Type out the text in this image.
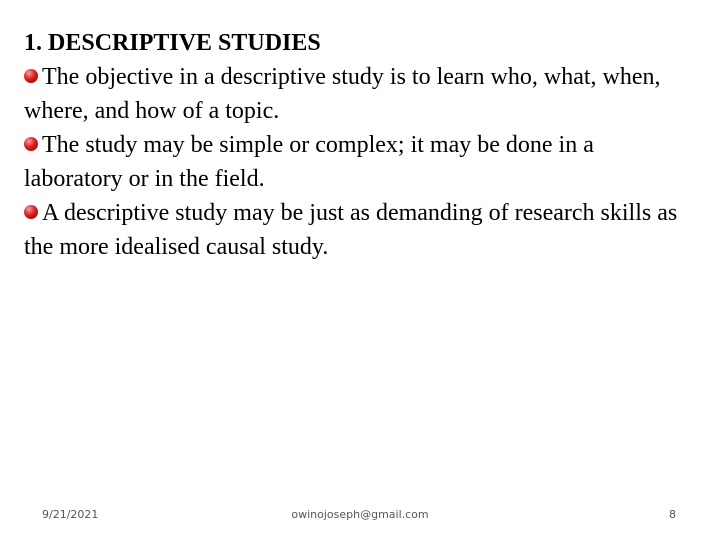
1. DESCRIPTIVE STUDIES
The objective in a descriptive study is to learn who, what, when, where, and how of a topic.
The study may be simple or complex; it may be done in a laboratory or in the field.
A descriptive study may be just as demanding of research skills as the more idealised causal study.
9/21/2021	owinojoseph@gmail.com	8
